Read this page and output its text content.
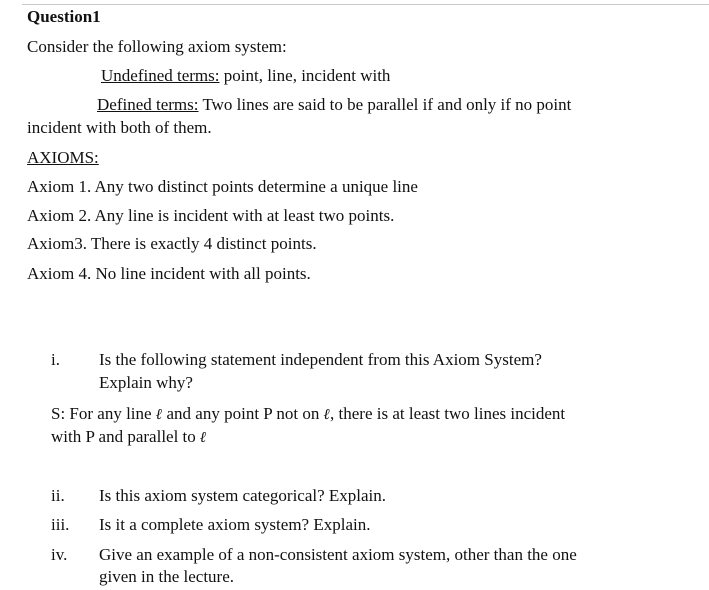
Question1
Consider the following axiom system:
Undefined terms: point, line, incident with
Defined terms: Two lines are said to be parallel if and only if no point
incident with both of them.
AXIOMS:
Axiom 1. Any two distinct points determine a unique line
Axiom 2. Any line is incident with at least two points.
Axiom3. There is exactly 4 distinct points.
Axiom 4. No line incident with all points.
i.	Is the following statement independent from this Axiom System?
Explain why?
S: For any line ℓ and any point P not on ℓ, there is at least two lines incident
with P and parallel to ℓ
ii.	Is this axiom system categorical? Explain.
iii.	Is it a complete axiom system? Explain.
iv.	Give an example of a non-consistent axiom system, other than the one
given in the lecture.
